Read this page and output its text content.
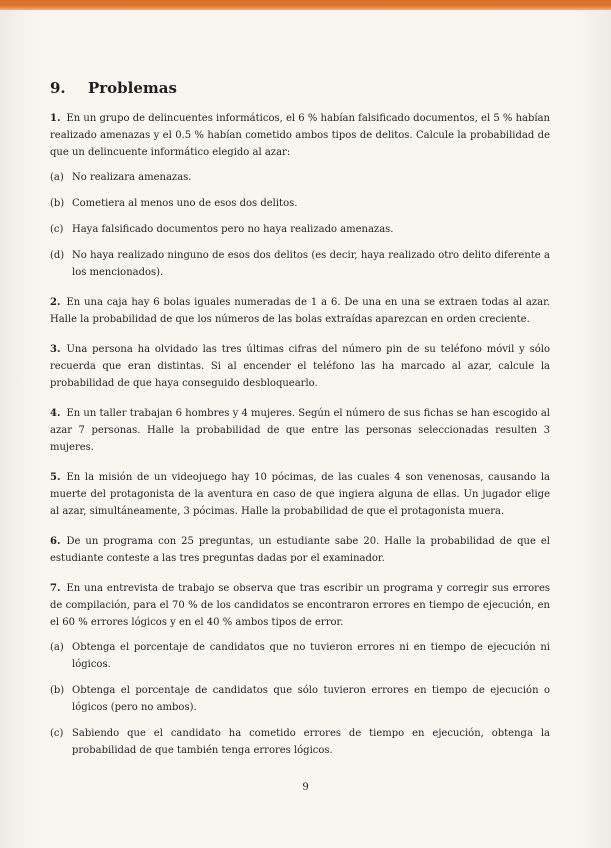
9. Problemas
1. En un grupo de delincuentes informáticos, el 6 % habían falsificado documentos, el 5 % habían realizado amenazas y el 0.5 % habían cometido ambos tipos de delitos. Calcule la probabilidad de que un delincuente informático elegido al azar:
(a) No realizara amenazas.
(b) Cometiera al menos uno de esos dos delitos.
(c) Haya falsificado documentos pero no haya realizado amenazas.
(d) No haya realizado ninguno de esos dos delitos (es decir, haya realizado otro delito diferente a los mencionados).
2. En una caja hay 6 bolas iguales numeradas de 1 a 6. De una en una se extraen todas al azar. Halle la probabilidad de que los números de las bolas extraídas aparezcan en orden creciente.
3. Una persona ha olvidado las tres últimas cifras del número pin de su teléfono móvil y sólo recuerda que eran distintas. Si al encender el teléfono las ha marcado al azar, calcule la probabilidad de que haya conseguido desbloquearlo.
4. En un taller trabajan 6 hombres y 4 mujeres. Según el número de sus fichas se han escogido al azar 7 personas. Halle la probabilidad de que entre las personas seleccionadas resulten 3 mujeres.
5. En la misión de un videojuego hay 10 pócimas, de las cuales 4 son venenosas, causando la muerte del protagonista de la aventura en caso de que ingiera alguna de ellas. Un jugador elige al azar, simultáneamente, 3 pócimas. Halle la probabilidad de que el protagonista muera.
6. De un programa con 25 preguntas, un estudiante sabe 20. Halle la probabilidad de que el estudiante conteste a las tres preguntas dadas por el examinador.
7. En una entrevista de trabajo se observa que tras escribir un programa y corregir sus errores de compilación, para el 70 % de los candidatos se encontraron errores en tiempo de ejecución, en el 60 % errores lógicos y en el 40 % ambos tipos de error.
(a) Obtenga el porcentaje de candidatos que no tuvieron errores ni en tiempo de ejecución ni lógicos.
(b) Obtenga el porcentaje de candidatos que sólo tuvieron errores en tiempo de ejecución o lógicos (pero no ambos).
(c) Sabiendo que el candidato ha cometido errores de tiempo en ejecución, obtenga la probabilidad de que también tenga errores lógicos.
9
